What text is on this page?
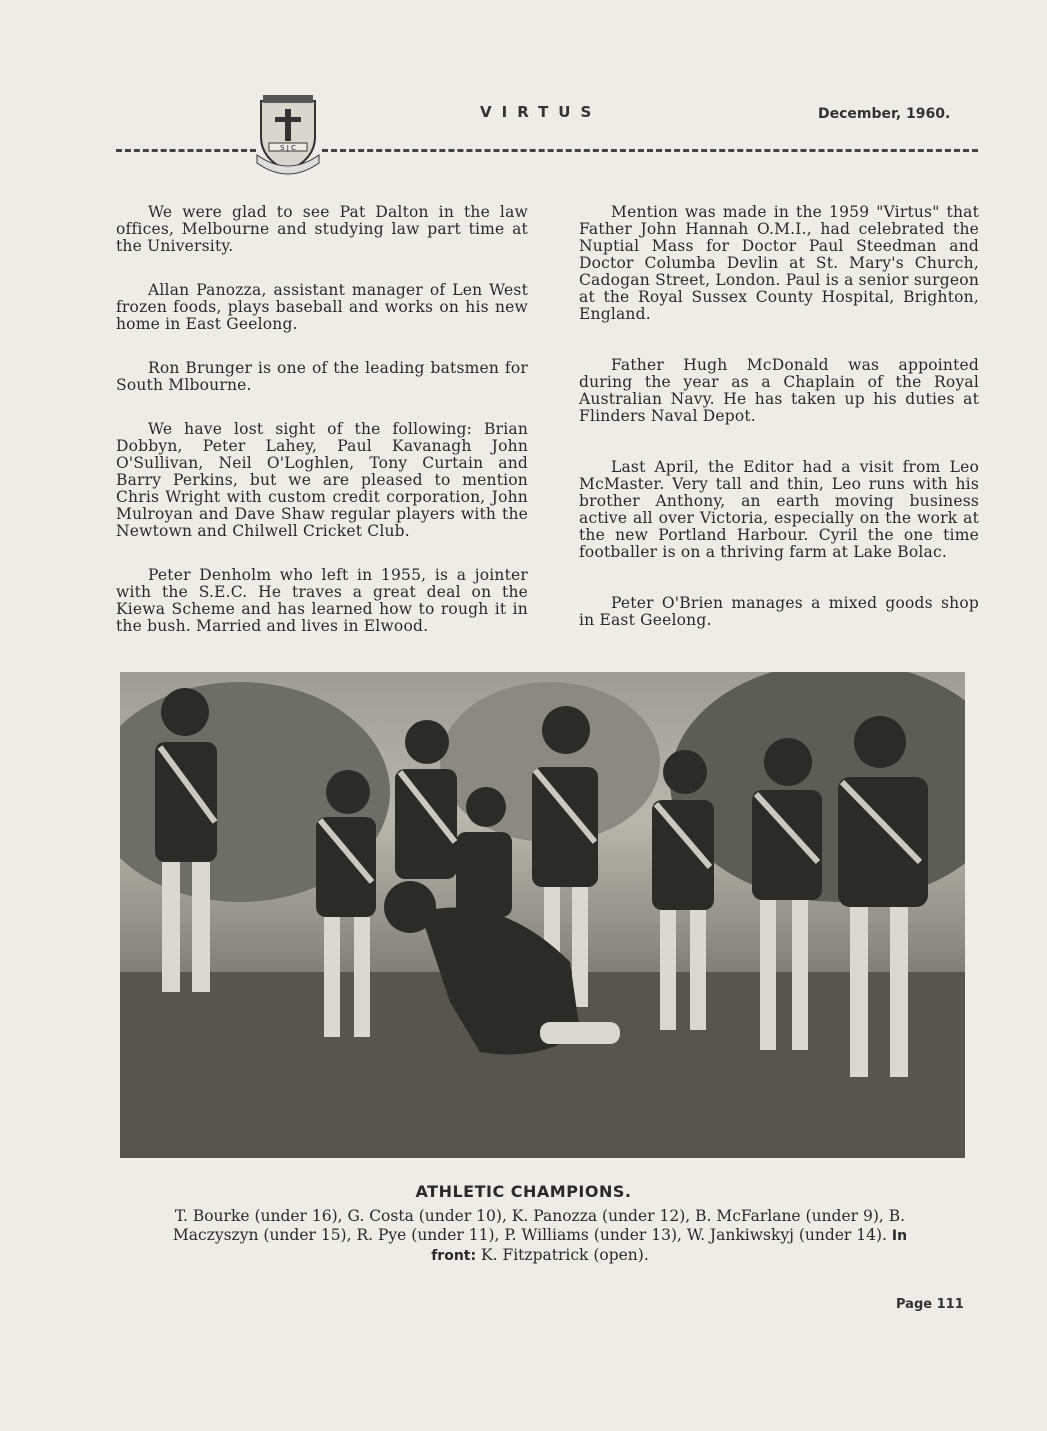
S J C
VIRTUS	December, 1960.

We were glad to see Pat Dalton in the law offices, Melbourne and studying law part time at the University.

Allan Panozza, assistant manager of Len West frozen foods, plays baseball and works on his new home in East Geelong.

Ron Brunger is one of the leading batsmen for South Mlbourne.

We have lost sight of the following: Brian Dobbyn, Peter Lahey, Paul Kavanagh John O'Sullivan, Neil O'Loghlen, Tony Curtain and Barry Perkins, but we are pleased to mention Chris Wright with custom credit corporation, John Mulroyan and Dave Shaw regular players with the Newtown and Chilwell Cricket Club.

Peter Denholm who left in 1955, is a jointer with the S.E.C. He traves a great deal on the Kiewa Scheme and has learned how to rough it in the bush. Married and lives in Elwood.

Mention was made in the 1959 "Virtus" that Father John Hannah O.M.I., had celebrated the Nuptial Mass for Doctor Paul Steedman and Doctor Columba Devlin at St. Mary's Church, Cadogan Street, London. Paul is a senior surgeon at the Royal Sussex County Hospital, Brighton, England.

Father Hugh McDonald was appointed during the year as a Chaplain of the Royal Australian Navy. He has taken up his duties at Flinders Naval Depot.

Last April, the Editor had a visit from Leo McMaster. Very tall and thin, Leo runs with his brother Anthony, an earth moving business active all over Victoria, especially on the work at the new Portland Harbour. Cyril the one time footballer is on a thriving farm at Lake Bolac.

Peter O'Brien manages a mixed goods shop in East Geelong.

ATHLETIC CHAMPIONS.
T. Bourke (under 16), G. Costa (under 10), K. Panozza (under 12), B. McFarlane (under 9), B. Maczyszyn (under 15), R. Pye (under 11), P. Williams (under 13), W. Jankiwskyj (under 14). In front: K. Fitzpatrick (open).
Page 111
